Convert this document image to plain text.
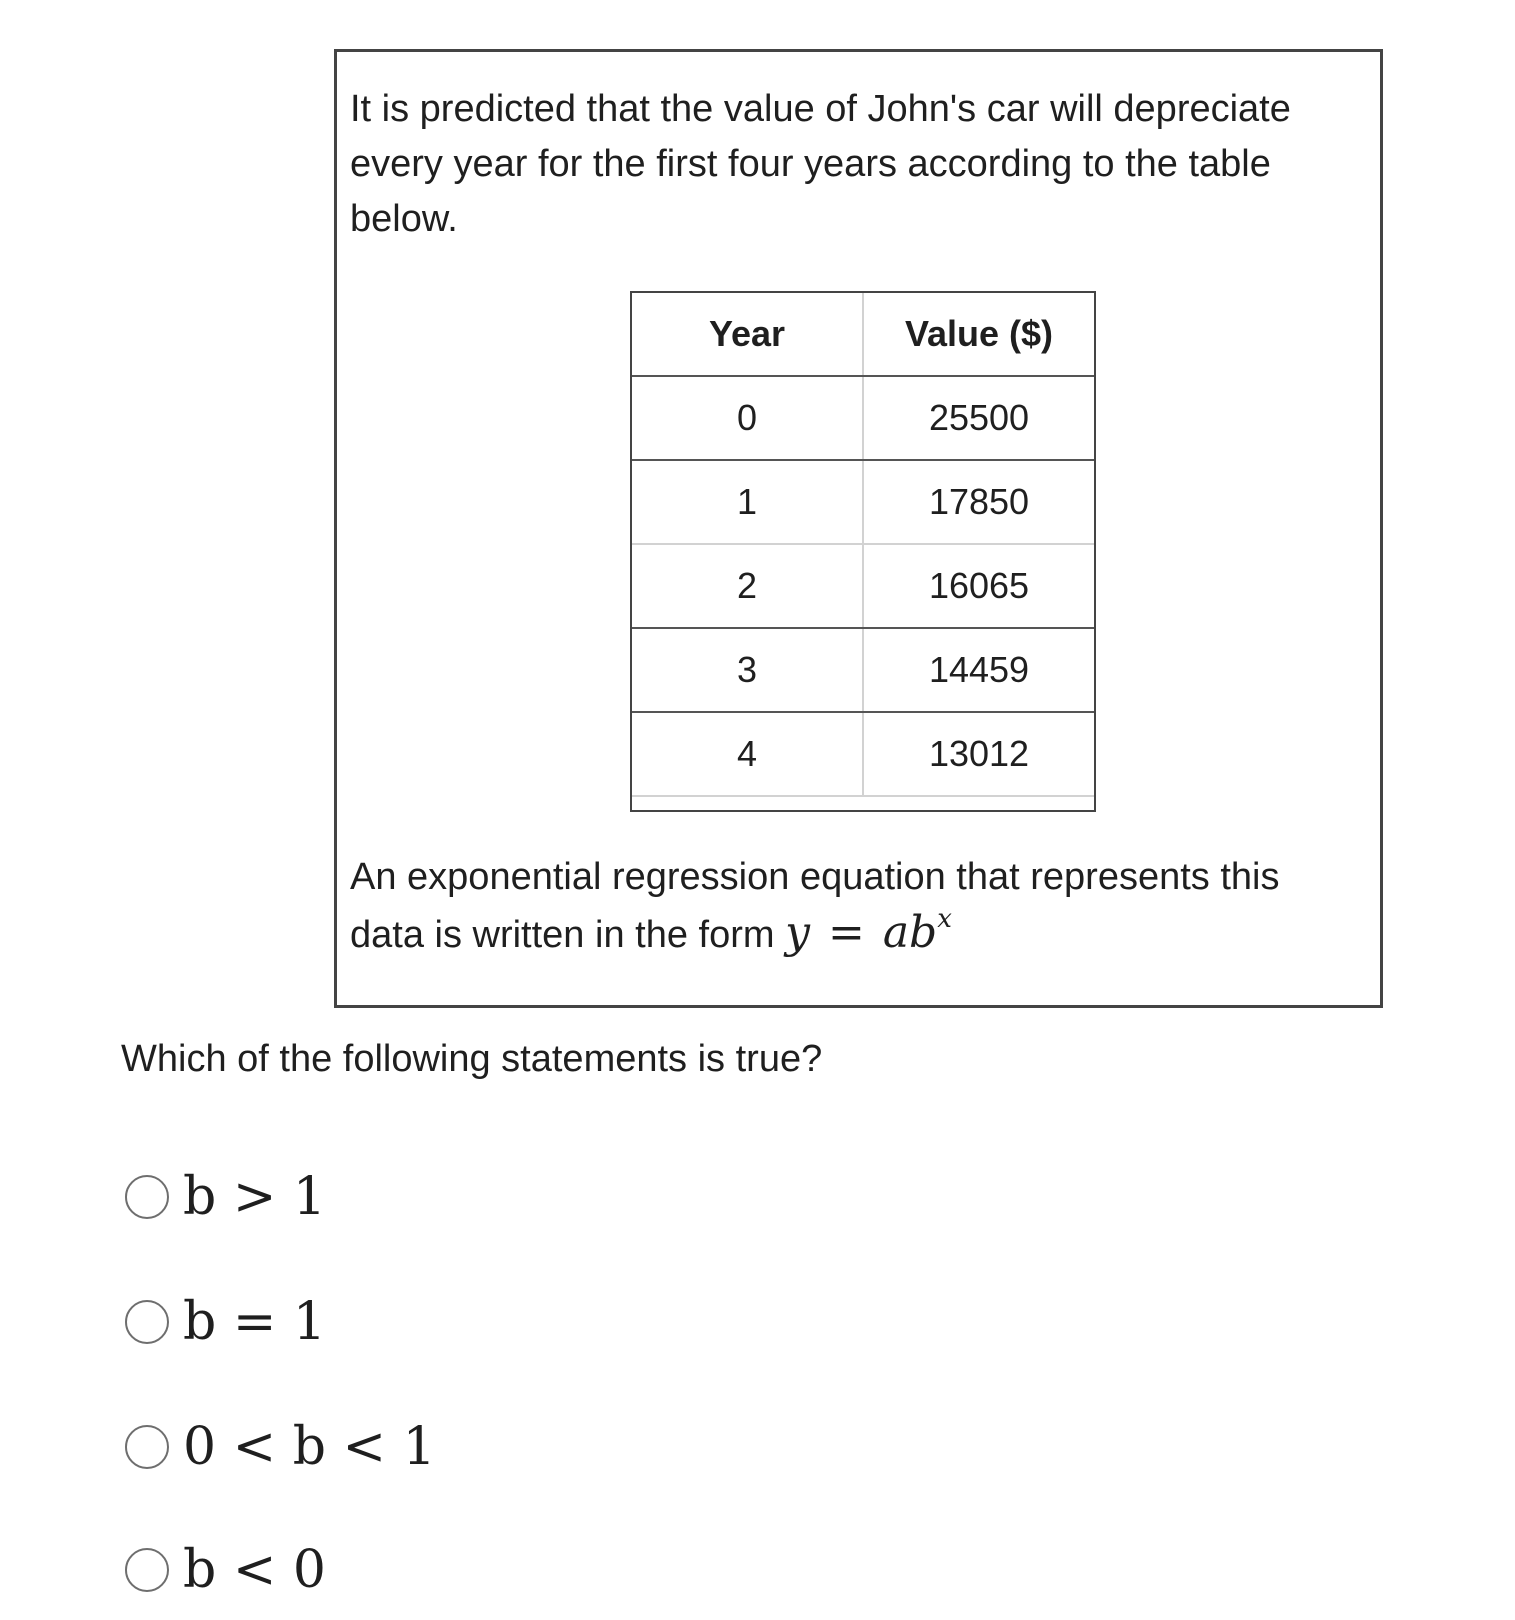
It is predicted that the value of John's car will depreciate every year for the first four years according to the table below.
Year	Value ($)
0	25500
1	17850
2	16065
3	14459
4	13012
An exponential regression equation that represents this data is written in the form $y = ab^x$
Which of the following statements is true?
b > 1
b = 1
0 < b < 1
b < 0
